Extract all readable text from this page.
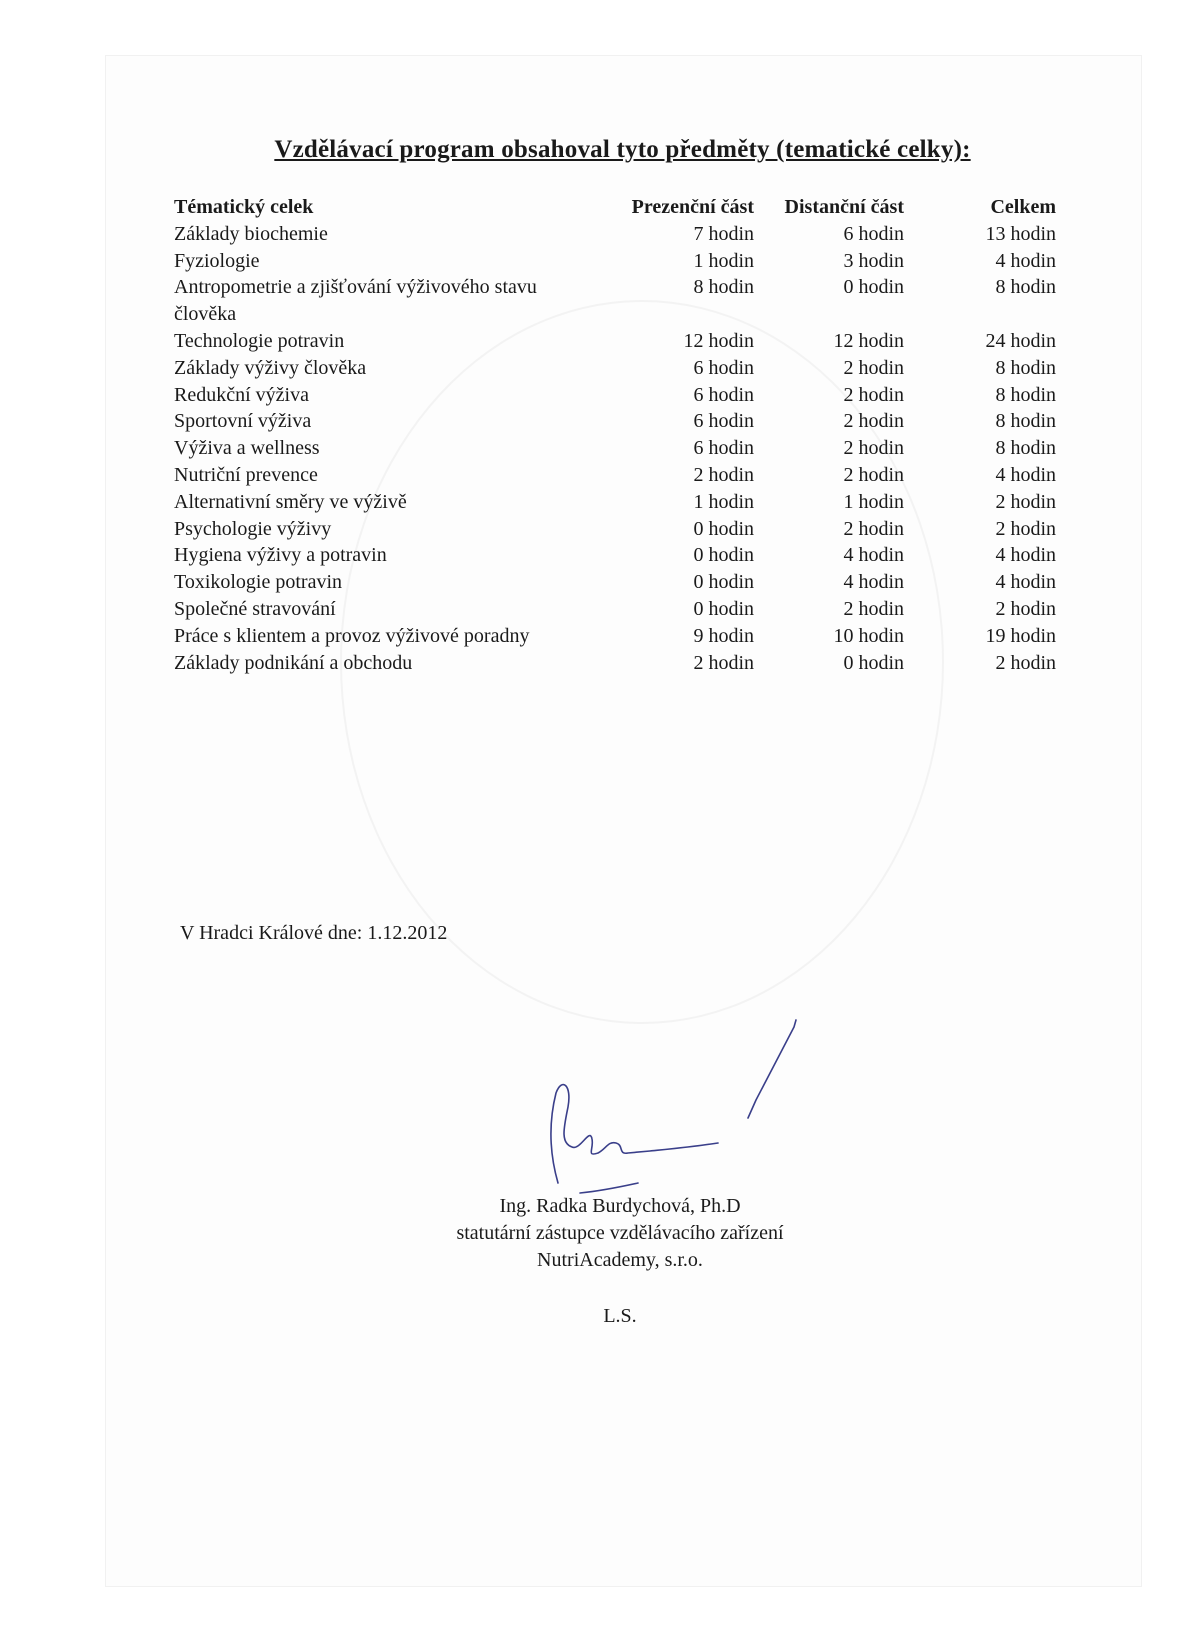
Vzdělávací program obsahoval tyto předměty (tematické celky):
Tématický celek	Prezenční část	Distanční část	Celkem
Základy biochemie	7 hodin	6 hodin	13 hodin
Fyziologie	1 hodin	3 hodin	4 hodin
Antropometrie a zjišťování výživového stavu člověka	8 hodin	0 hodin	8 hodin
Technologie potravin	12 hodin	12 hodin	24 hodin
Základy výživy člověka	6 hodin	2 hodin	8 hodin
Redukční výživa	6 hodin	2 hodin	8 hodin
Sportovní výživa	6 hodin	2 hodin	8 hodin
Výživa a wellness	6 hodin	2 hodin	8 hodin
Nutriční prevence	2 hodin	2 hodin	4 hodin
Alternativní směry ve výživě	1 hodin	1 hodin	2 hodin
Psychologie výživy	0 hodin	2 hodin	2 hodin
Hygiena výživy a potravin	0 hodin	4 hodin	4 hodin
Toxikologie potravin	0 hodin	4 hodin	4 hodin
Společné stravování	0 hodin	2 hodin	2 hodin
Práce s klientem a provoz výživové poradny	9 hodin	10 hodin	19 hodin
Základy podnikání a obchodu	2 hodin	0 hodin	2 hodin
V Hradci Králové dne: 1.12.2012
Ing. Radka Burdychová, Ph.D
statutární zástupce vzdělávacího zařízení
NutriAcademy, s.r.o.
L.S.
